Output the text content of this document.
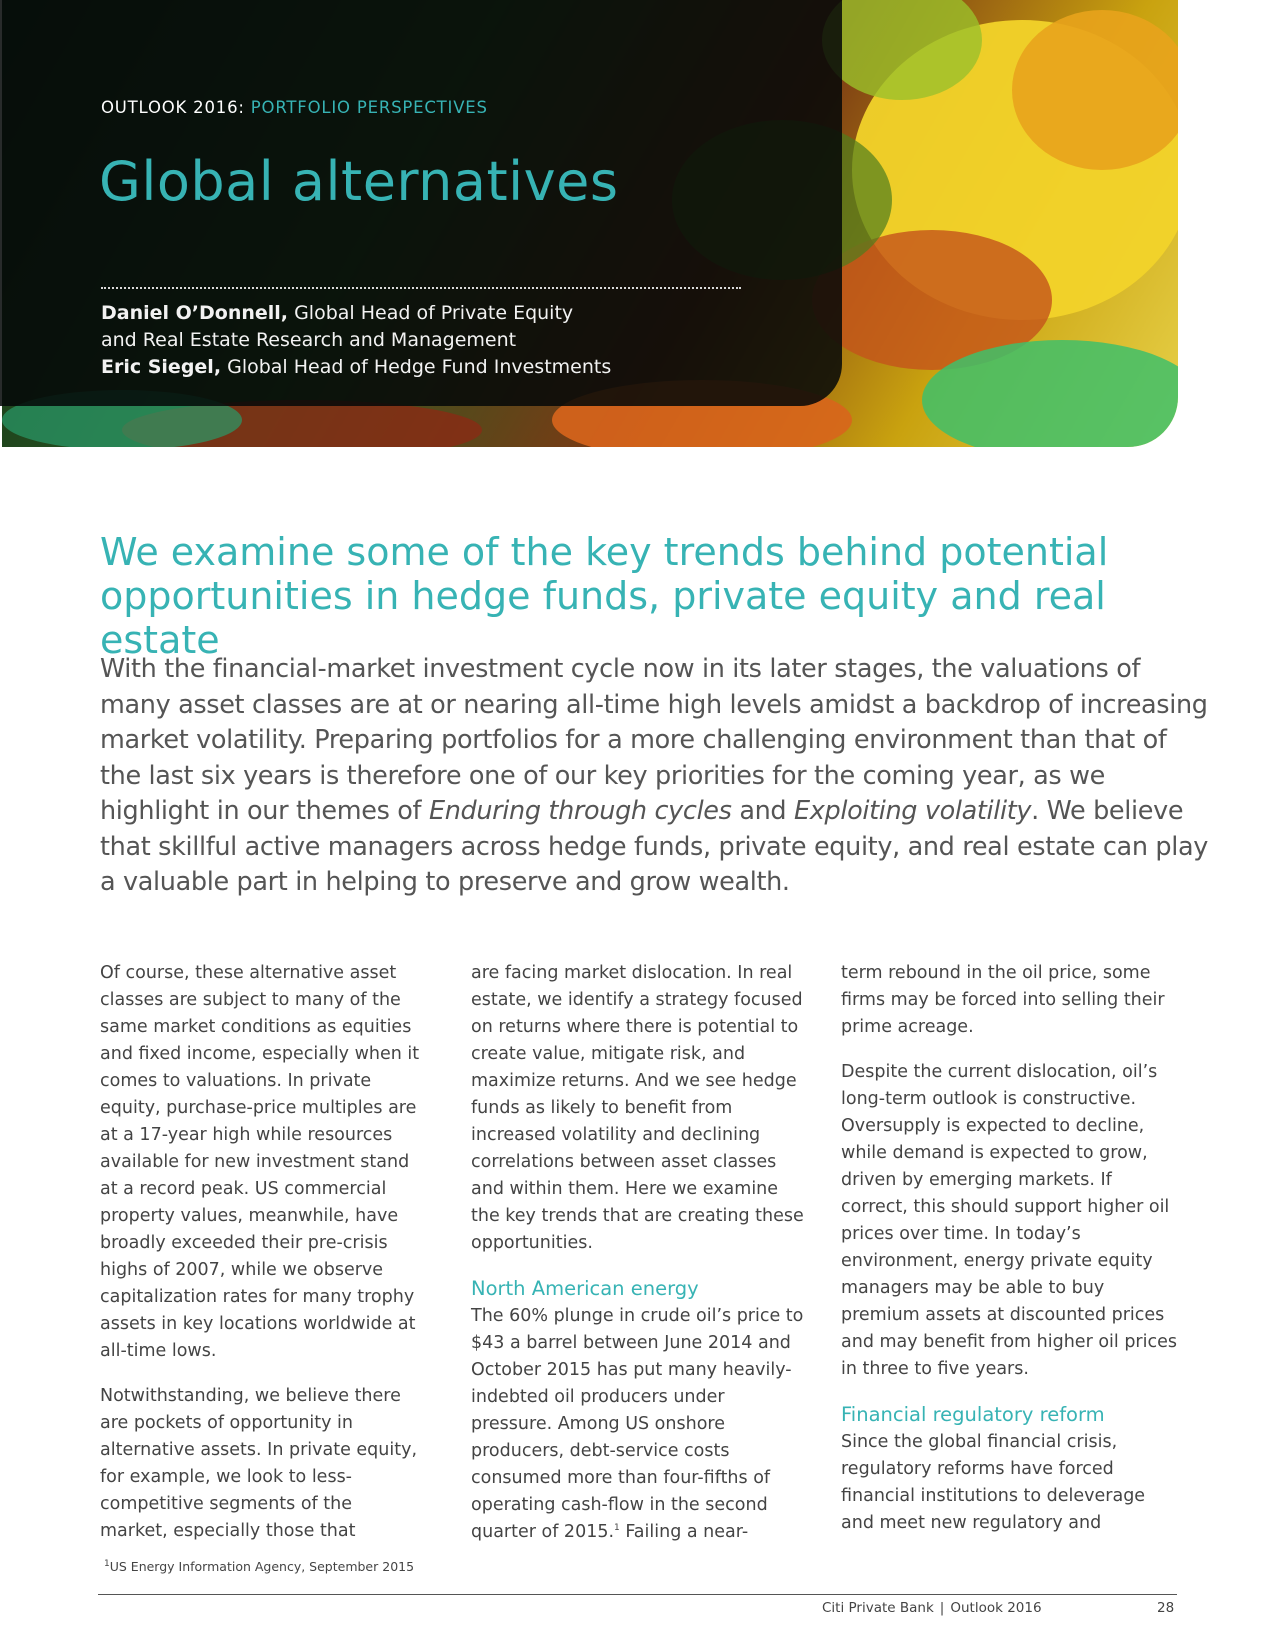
OUTLOOK 2016: PORTFOLIO PERSPECTIVES
Global alternatives
Daniel O’Donnell, Global Head of Private Equity
and Real Estate Research and Management
Eric Siegel, Global Head of Hedge Fund Investments
We examine some of the key trends behind potential opportunities in hedge funds, private equity and real estate

With the financial-market investment cycle now in its later stages, the valuations of many asset classes are at or nearing all-time high levels amidst a backdrop of increasing market volatility. Preparing portfolios for a more challenging environment than that of the last six years is therefore one of our key priorities for the coming year, as we highlight in our themes of Enduring through cycles and Exploiting volatility. We believe that skillful active managers across hedge funds, private equity, and real estate can play a valuable part in helping to preserve and grow wealth.

Of course, these alternative asset classes are subject to many of the same market conditions as equities and fixed income, especially when it comes to valuations. In private equity, purchase-price multiples are at a 17-year high while resources available for new investment stand at a record peak. US commercial property values, meanwhile, have broadly exceeded their pre-crisis highs of 2007, while we observe capitalization rates for many trophy assets in key locations worldwide at all-time lows.

Notwithstanding, we believe there are pockets of opportunity in alternative assets. In private equity, for example, we look to less-competitive segments of the market, especially those that

are facing market dislocation. In real estate, we identify a strategy focused on returns where there is potential to create value, mitigate risk, and maximize returns. And we see hedge funds as likely to benefit from increased volatility and declining correlations between asset classes and within them. Here we examine the key trends that are creating these opportunities.

North American energy

The 60% plunge in crude oil’s price to $43 a barrel between June 2014 and October 2015 has put many heavily-indebted oil producers under pressure. Among US onshore producers, debt-service costs consumed more than four-fifths of operating cash-flow in the second quarter of 2015.$^1$ Failing a near-

term rebound in the oil price, some firms may be forced into selling their prime acreage.

Despite the current dislocation, oil’s long-term outlook is constructive. Oversupply is expected to decline, while demand is expected to grow, driven by emerging markets. If correct, this should support higher oil prices over time. In today’s environment, energy private equity managers may be able to buy premium assets at discounted prices and may benefit from higher oil prices in three to five years.

Financial regulatory reform

Since the global financial crisis, regulatory reforms have forced financial institutions to deleverage and meet new regulatory and

$^1$US Energy Information Agency, September 2015
Citi Private Bank | Outlook 2016	28
